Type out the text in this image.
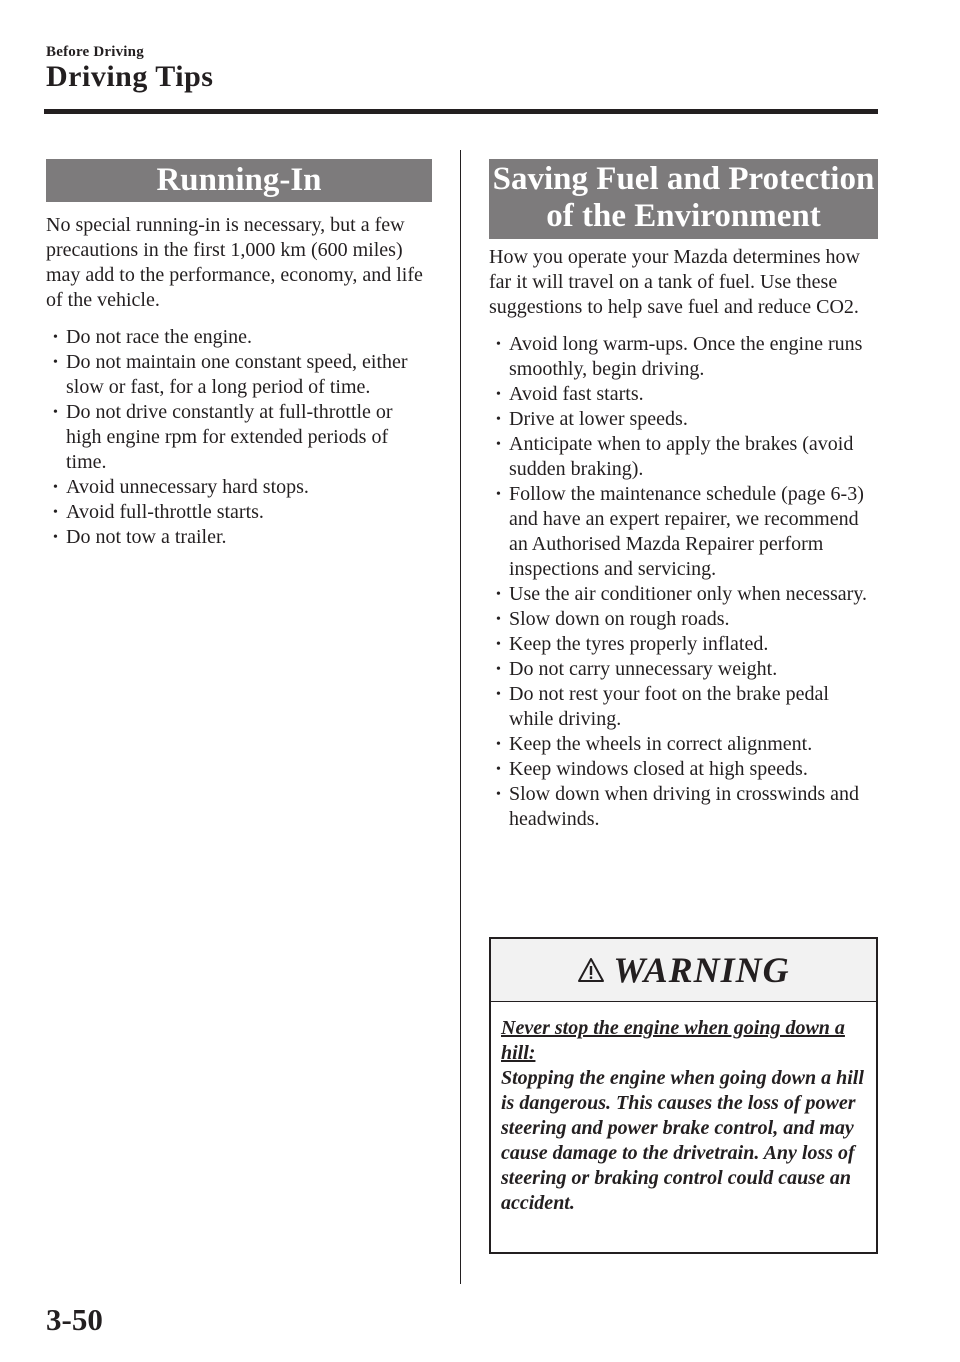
Before Driving
Driving Tips
Running-In

No special running-in is necessary, but a few precautions in the first 1,000 km (600 miles) may add to the performance, economy, and life of the vehicle.

• Do not race the engine.
• Do not maintain one constant speed, either slow or fast, for a long period of time.
• Do not drive constantly at full-throttle or high engine rpm for extended periods of time.
• Avoid unnecessary hard stops.
• Avoid full-throttle starts.
• Do not tow a trailer.
Saving Fuel and Protection
of the Environment

How you operate your Mazda determines how far it will travel on a tank of fuel. Use these suggestions to help save fuel and reduce CO2.

• Avoid long warm-ups. Once the engine runs smoothly, begin driving.
• Avoid fast starts.
• Drive at lower speeds.
• Anticipate when to apply the brakes (avoid sudden braking).
• Follow the maintenance schedule (page 6-3) and have an expert repairer, we recommend an Authorised Mazda Repairer perform inspections and servicing.
• Use the air conditioner only when necessary.
• Slow down on rough roads.
• Keep the tyres properly inflated.
• Do not carry unnecessary weight.
• Do not rest your foot on the brake pedal while driving.
• Keep the wheels in correct alignment.
• Keep windows closed at high speeds.
• Slow down when driving in crosswinds and headwinds.
WARNING
Never stop the engine when going down a hill:
Stopping the engine when going down a hill is dangerous. This causes the loss of power steering and power brake control, and may cause damage to the drivetrain. Any loss of steering or braking control could cause an accident.
3-50
